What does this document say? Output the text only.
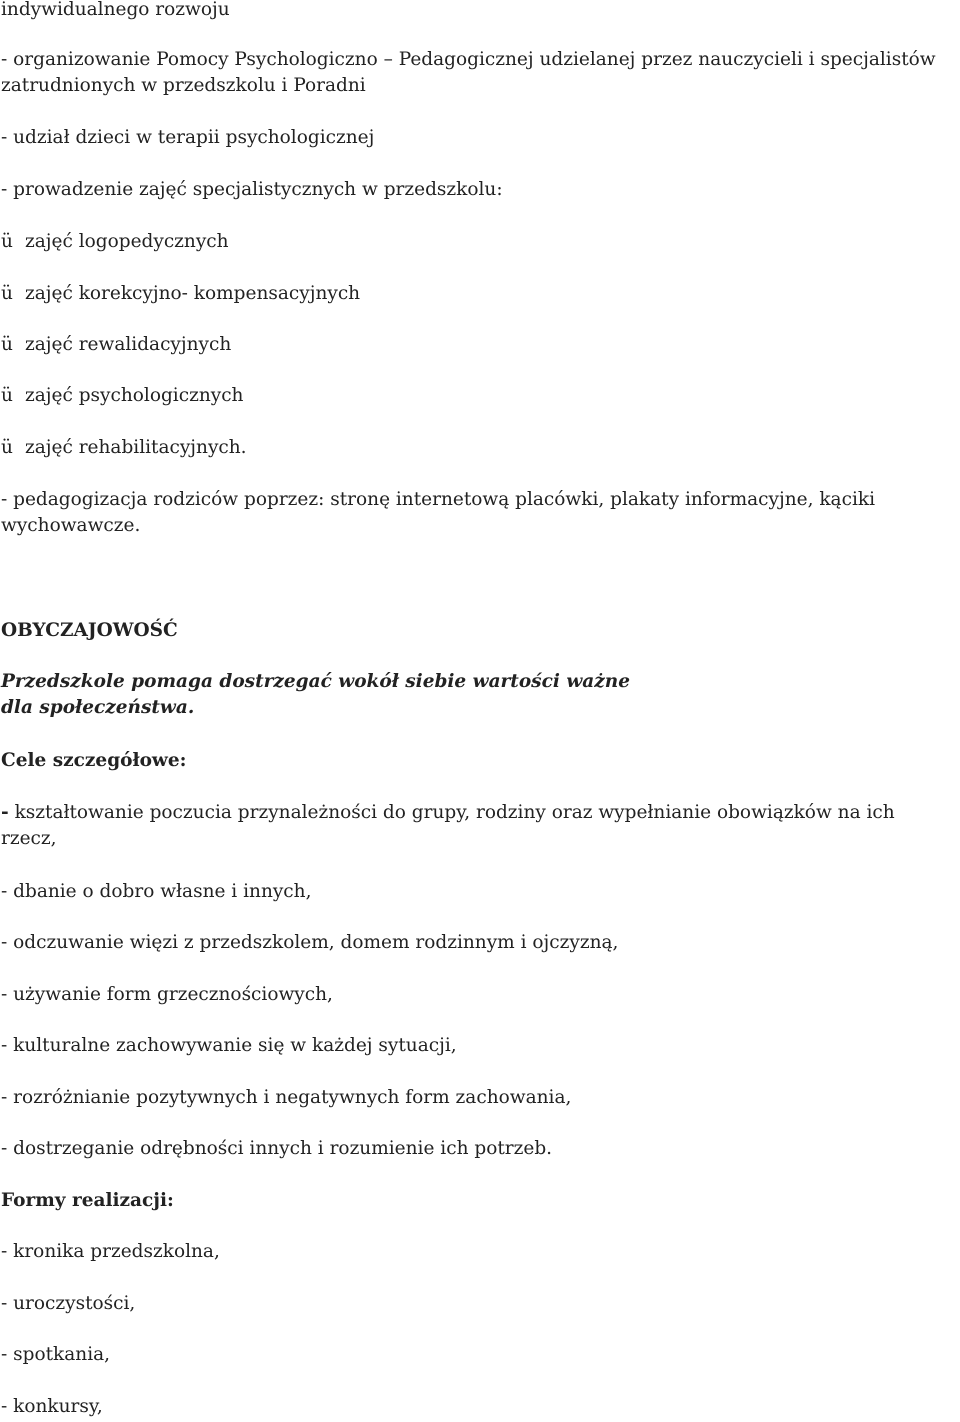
indywidualnego rozwoju

- organizowanie Pomocy Psychologiczno – Pedagogicznej udzielanej przez nauczycieli i specjalistów zatrudnionych w przedszkolu i Poradni

- udział dzieci w terapii psychologicznej

- prowadzenie zajęć specjalistycznych w przedszkolu:

ü zajęć logopedycznych

ü zajęć korekcyjno- kompensacyjnych

ü zajęć rewalidacyjnych

ü zajęć psychologicznych

ü zajęć rehabilitacyjnych.

- pedagogizacja rodziców poprzez: stronę internetową placówki, plakaty informacyjne, kąciki wychowawcze.

OBYCZAJOWOŚĆ

Przedszkole pomaga dostrzegać wokół siebie wartości ważne dla społeczeństwa.

Cele szczegółowe:

- kształtowanie poczucia przynależności do grupy, rodziny oraz wypełnianie obowiązków na ich rzecz,

- dbanie o dobro własne i innych,

- odczuwanie więzi z przedszkolem, domem rodzinnym i ojczyzną,

- używanie form grzecznościowych,

- kulturalne zachowywanie się w każdej sytuacji,

- rozróżnianie pozytywnych i negatywnych form zachowania,

- dostrzeganie odrębności innych i rozumienie ich potrzeb.

Formy realizacji:

- kronika przedszkolna,

- uroczystości,

- spotkania,

- konkursy,
